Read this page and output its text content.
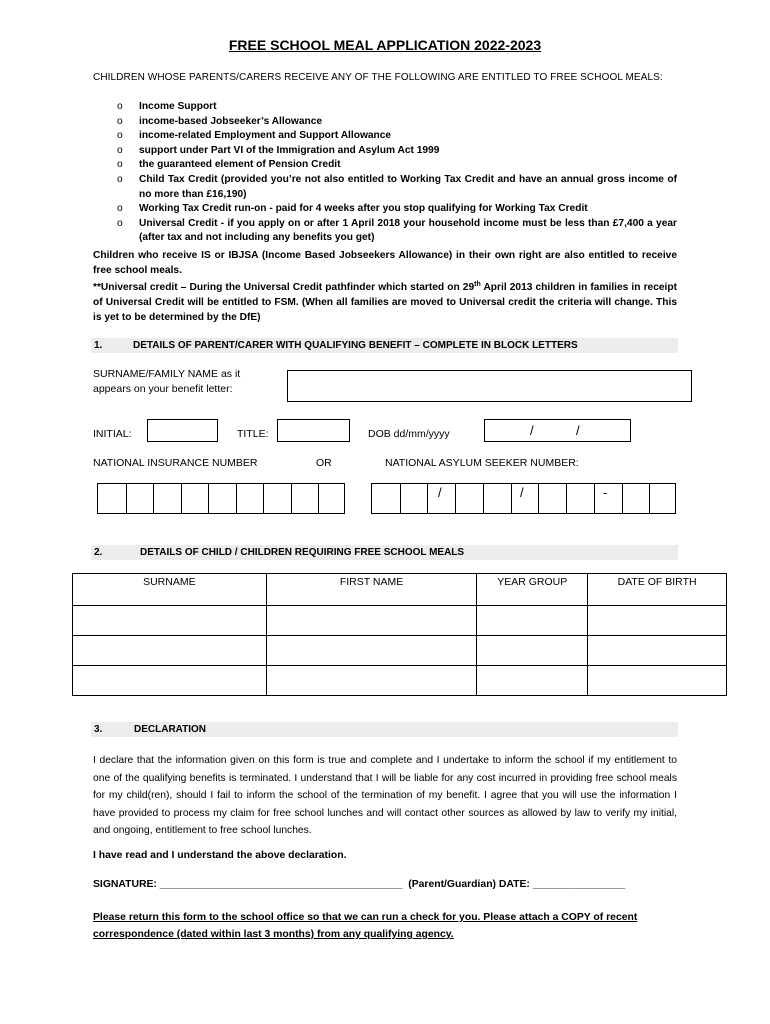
FREE SCHOOL MEAL APPLICATION 2022-2023
CHILDREN WHOSE PARENTS/CARERS RECEIVE ANY OF THE FOLLOWING ARE ENTITLED TO FREE SCHOOL MEALS:
o Income Support
o income-based Jobseeker’s Allowance
o income-related Employment and Support Allowance
o support under Part VI of the Immigration and Asylum Act 1999
o the guaranteed element of Pension Credit
o Child Tax Credit (provided you’re not also entitled to Working Tax Credit and have an annual gross income of no more than £16,190)
o Working Tax Credit run-on - paid for 4 weeks after you stop qualifying for Working Tax Credit
o Universal Credit - if you apply on or after 1 April 2018 your household income must be less than £7,400 a year (after tax and not including any benefits you get)
Children who receive IS or IBJSA (Income Based Jobseekers Allowance) in their own right are also entitled to receive free school meals.
**Universal credit – During the Universal Credit pathfinder which started on 29th April 2013 children in families in receipt of Universal Credit will be entitled to FSM. (When all families are moved to Universal credit the criteria will change. This is yet to be determined by the DfE)
1.	DETAILS OF PARENT/CARER WITH QUALIFYING BENEFIT – COMPLETE IN BLOCK LETTERS
SURNAME/FAMILY NAME as it
appears on your benefit letter:
INITIAL:	TITLE:	DOB dd/mm/yyyy	/	/
NATIONAL INSURANCE NUMBER	OR	NATIONAL ASYLUM SEEKER NUMBER:
/	/	-
2.	DETAILS OF CHILD / CHILDREN REQUIRING FREE SCHOOL MEALS
SURNAME	FIRST NAME	YEAR GROUP	DATE OF BIRTH

3.	DECLARATION
I declare that the information given on this form is true and complete and I undertake to inform the school if my entitlement to one of the qualifying benefits is terminated. I understand that I will be liable for any cost incurred in providing free school meals for my child(ren), should I fail to inform the school of the termination of my benefit. I agree that you will use the information I have provided to process my claim for free school lunches and will contact other sources as allowed by law to verify my initial, and ongoing, entitlement to free school lunches.
I have read and I understand the above declaration.
SIGNATURE: __________________________________________  (Parent/Guardian) DATE: ________________
Please return this form to the school office so that we can run a check for you. Please attach a COPY of recent correspondence (dated within last 3 months) from any qualifying agency.
